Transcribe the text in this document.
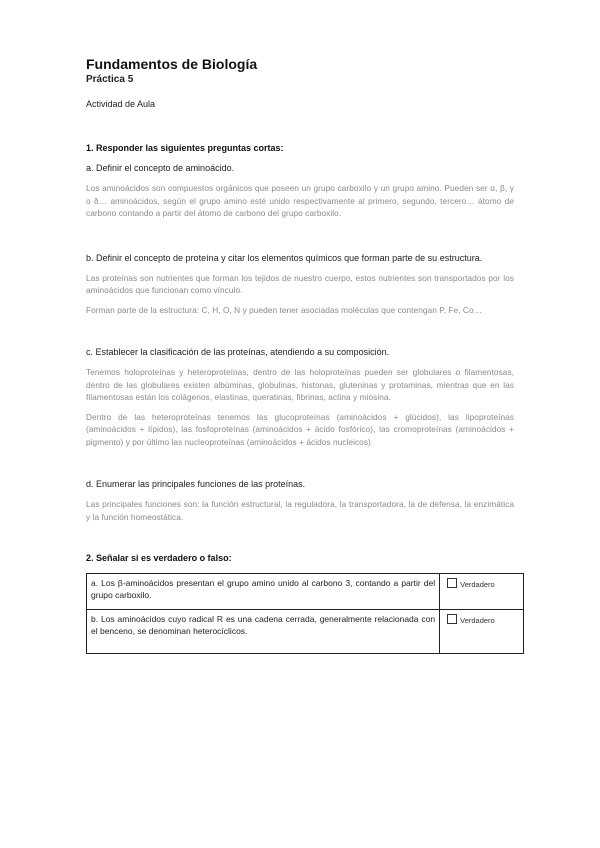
Fundamentos de Biología
Práctica 5
Actividad de Aula
1. Responder las siguientes preguntas cortas:

a. Definir el concepto de aminoácido.

Los aminoácidos son compuestos orgánicos que poseen un grupo carboxilo y un grupo amino. Pueden ser α, β, γ o δ… aminoácidos, según el grupo amino esté unido respectivamente al primero, segundo, tercero… átomo de carbono contando a partir del átomo de carbono del grupo carboxilo.

b. Definir el concepto de proteína y citar los elementos químicos que forman parte de su estructura.

Las proteínas son nutrientes que forman los tejidos de nuestro cuerpo, estos nutrientes son transportados por los aminoácidos que funcionan como vínculo.

Forman parte de la estructura: C, H, O, N y pueden tener asociadas moléculas que contengan P, Fe, Co…

c. Establecer la clasificación de las proteínas, atendiendo a su composición.

Tenemos holoproteínas y heteroproteínas, dentro de las holoproteínas pueden ser globulares o filamentosas, dentro de las globulares existen albúminas, globulinas, histonas, gluteninas y protaminas, mientras que en las filamentosas están los colágenos, elastinas, queratinas, fibrinas, actina y miosina.

Dentro de las heteroproteínas tenemos las glucoproteínas (aminoácidos + glúcidos), las lipoproteínas (aminoácidos + lípidos), las fosfoproteínas (aminoácidos + ácido fosfórico), las cromoproteínas (aminoácidos + pigmento) y por último las nucleoproteínas (aminoácidos + ácidos nucleicos)

d. Enumerar las principales funciones de las proteínas.

Las principales funciones son: la función estructural, la reguladora, la transportadora, la de defensa, la enzimática y la función homeostática.

2. Señalar si es verdadero o falso:
a. Los β-aminoácidos presentan el grupo amino unido al carbono 3, contando a partir del grupo carboxilo.	Verdadero
b. Los aminoácidos cuyo radical R es una cadena cerrada, generalmente relacionada con el benceno, se denominan heterocíclicos.	Verdadero
